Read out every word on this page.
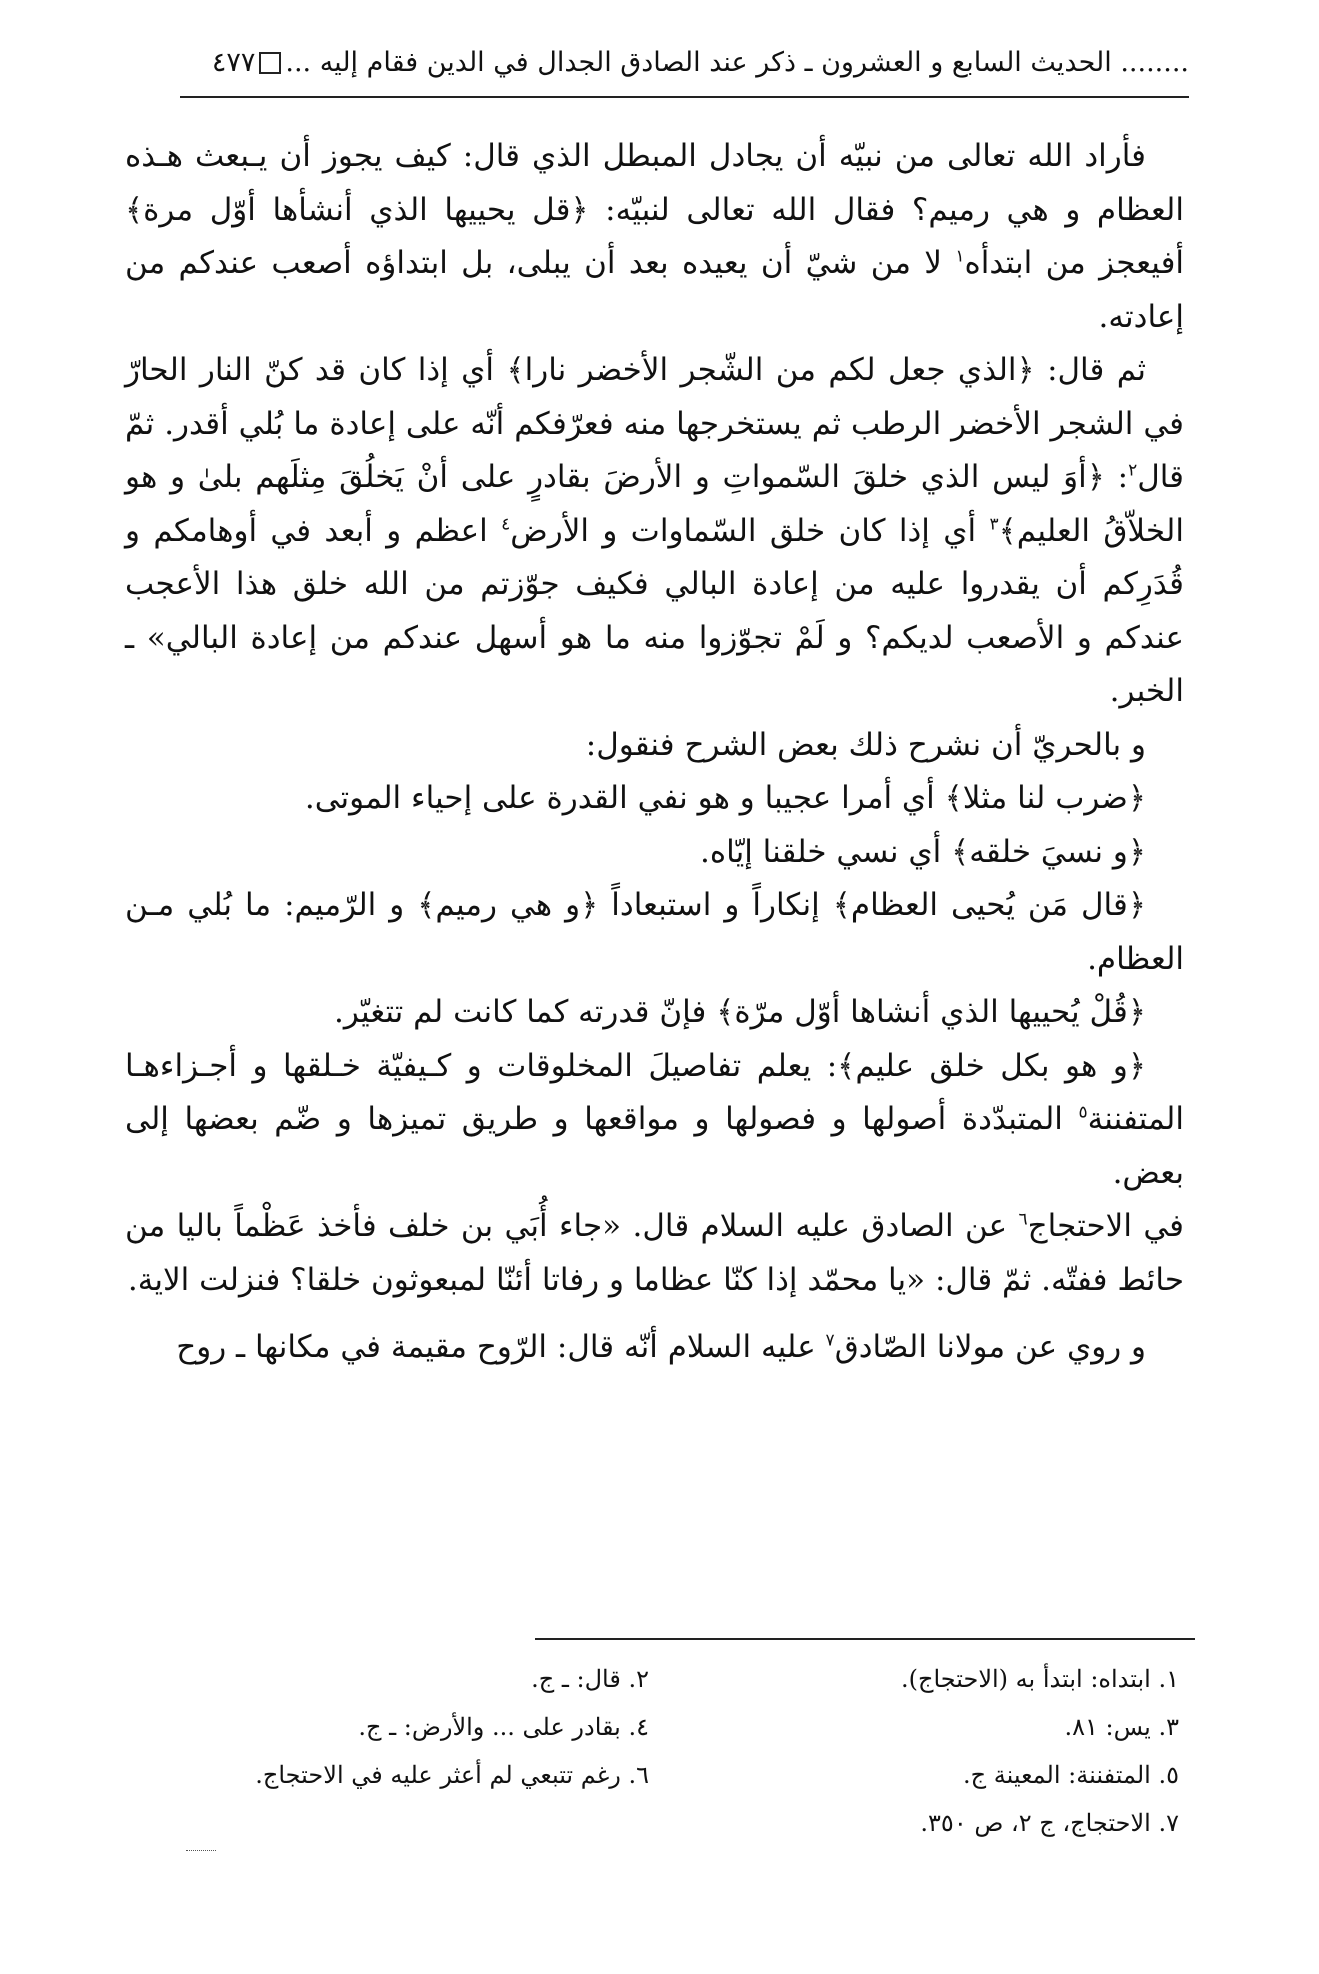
........ الحديث السابع و العشرون ـ ذكر عند الصادق الجدال في الدين فقام إليه ...
٤٧٧

فأراد الله تعالى من نبيّه أن يجادل المبطل الذي قال: كيف يجوز أن يـبعث هـذه العظام و هي رميم؟ فقال الله تعالى لنبيّه: ﴿قل يحييها الذي أنشأها أوّل مرة﴾ أفيعجز من ابتدأه$^١$ لا من شيّ أن يعيده بعد أن يبلى، بل ابتداؤه أصعب عندكم من إعادته.

ثم قال: ﴿الذي جعل لكم من الشّجر الأخضر نارا﴾ أي إذا كان قد كنّ النار الحارّ في الشجر الأخضر الرطب ثم يستخرجها منه فعرّفكم أنّه على إعادة ما بُلي أقدر. ثمّ قال$^٢$: ﴿أوَ ليس الذي خلقَ السّمواتِ و الأرضَ بقادرٍ على أنْ يَخلُقَ مِثلَهم بلىٰ و هو الخلاّقُ العليم﴾$^٣$ أي إذا كان خلق السّماوات و الأرض$^٤$ اعظم و أبعد في أوهامكم و قُدَرِكم أن يقدروا عليه من إعادة البالي فكيف جوّزتم من الله خلق هذا الأعجب عندكم و الأصعب لديكم؟ و لَمْ تجوّزوا منه ما هو أسهل عندكم من إعادة البالي» ـ الخبر.

و بالحريّ أن نشرح ذلك بعض الشرح فنقول:

﴿ضرب لنا مثلا﴾ أي أمرا عجيبا و هو نفي القدرة على إحياء الموتى.

﴿و نسيَ خلقه﴾ أي نسي خلقنا إيّاه.

﴿قال مَن يُحيى العظام﴾ إنكاراً و استبعاداً ﴿و هي رميم﴾ و الرّميم: ما بُلي مـن العظام.

﴿قُلْ يُحييها الذي أنشاها أوّل مرّة﴾ فإنّ قدرته كما كانت لم تتغيّر.

﴿و هو بكل خلق عليم﴾: يعلم تفاصيلَ المخلوقات و كـيفيّة خـلقها و أجـزاءهـا المتفننة$^٥$ المتبدّدة أصولها و فصولها و مواقعها و طريق تميزها و ضّم بعضها إلى بعض.

في الاحتجاج$^٦$ عن الصادق عليه السلام قال. «جاء أُبَي بن خلف فأخذ عَظْماً باليا من حائط ففتّه. ثمّ قال: «يا محمّد إذا كنّا عظاما و رفاتا أئنّا لمبعوثون خلقا؟ فنزلت الاية.

و روي عن مولانا الصّادق$^٧$ عليه السلام أنّه قال: الرّوح مقيمة في مكانها ـ روح

١. ابتداه: ابتدأ به (الاحتجاج).
٢. قال: ـ ج.
٣. يس: ٨١.
٤. بقادر على ... والأرض: ـ ج.
٥. المتفننة: المعينة ج.
٦. رغم تتبعي لم أعثر عليه في الاحتجاج.
٧. الاحتجاج، ج ٢، ص ٣٥٠.
